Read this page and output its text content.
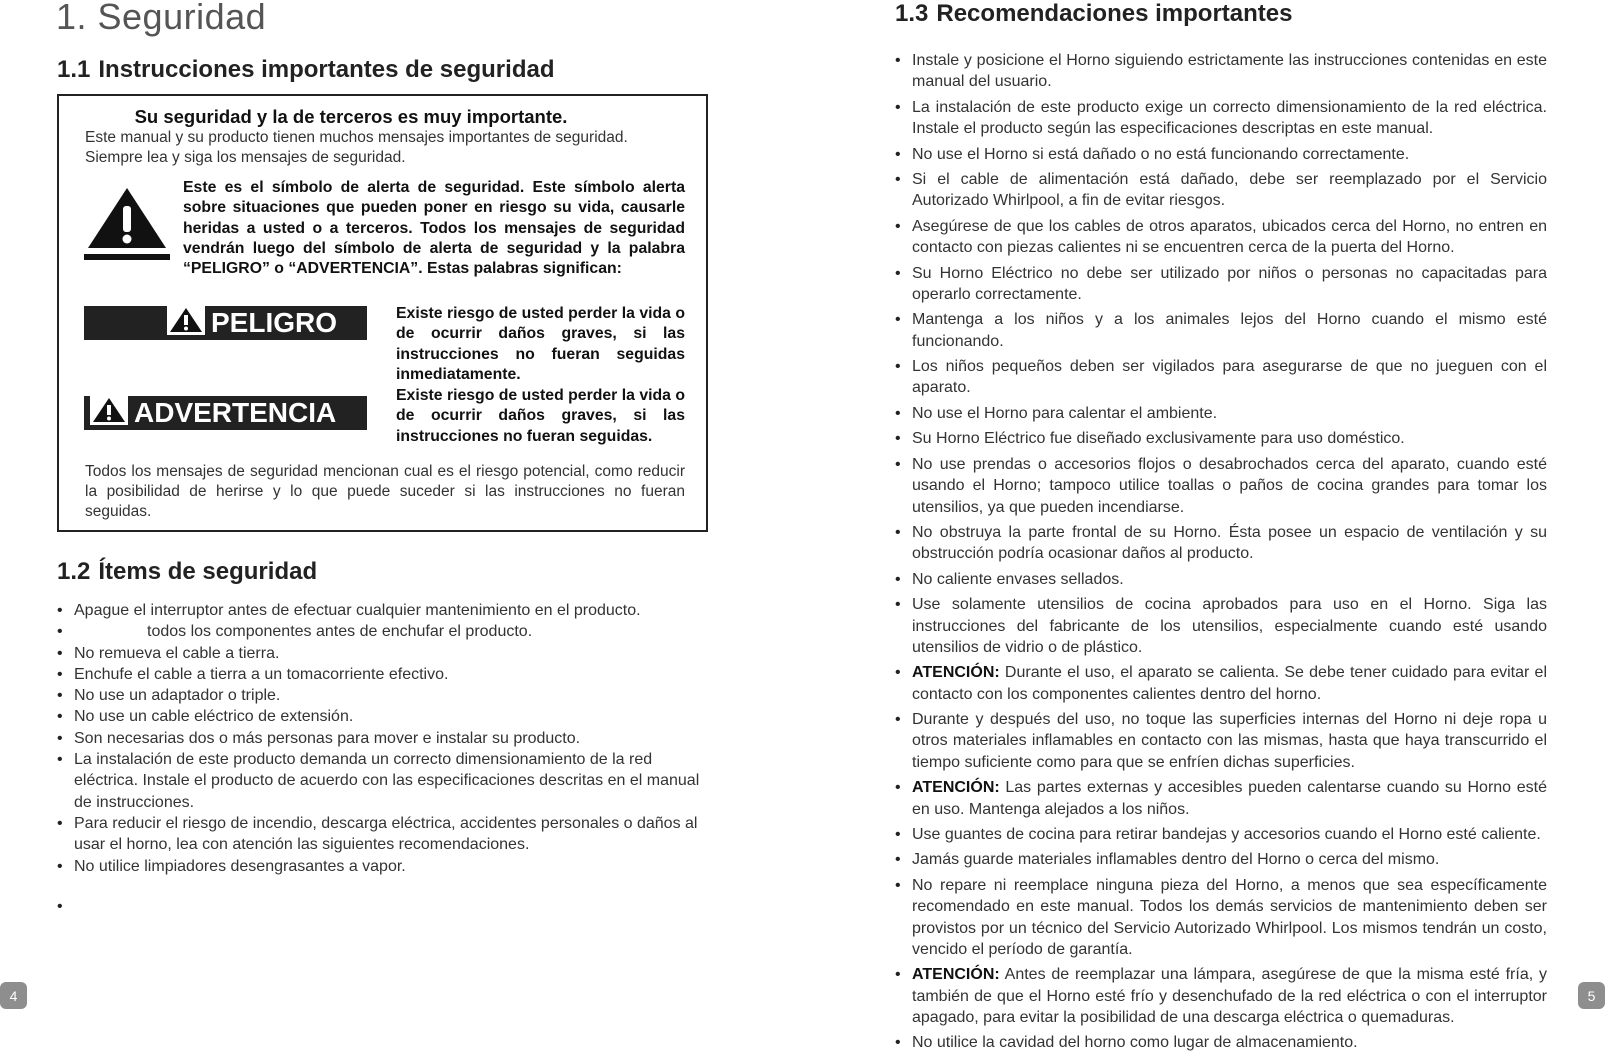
1. Seguridad
1.1 Instrucciones importantes de seguridad
Su seguridad y la de terceros es muy importante.
Este manual y su producto tienen muchos mensajes importantes de seguridad.
Siempre lea y siga los mensajes de seguridad.
Este es el símbolo de alerta de seguridad. Este símbolo alerta sobre situaciones que pueden poner en riesgo su vida, causarle heridas a usted o a terceros. Todos los mensajes de seguridad vendrán luego del símbolo de alerta de seguridad y la palabra “PELIGRO” o “ADVERTENCIA”. Estas palabras significan:
PELIGRO	Existe riesgo de usted perder la vida o de ocurrir daños graves, si las instrucciones no fueran seguidas inmediatamente.
ADVERTENCIA
Existe riesgo de usted perder la vida o de ocurrir daños graves, si las instrucciones no fueran seguidas.
Todos los mensajes de seguridad mencionan cual es el riesgo potencial, como reducir la posibilidad de herirse y lo que puede suceder si las instrucciones no fueran seguidas.
1.2 Ítems de seguridad
• Apague el interruptor antes de efectuar cualquier mantenimiento en el producto.
• todos los componentes antes de enchufar el producto.
• No remueva el cable a tierra.
• Enchufe el cable a tierra a un tomacorriente efectivo.
• No use un adaptador o triple.
• No use un cable eléctrico de extensión.
• Son necesarias dos o más personas para mover e instalar su producto.
• La instalación de este producto demanda un correcto dimensionamiento de la red eléctrica. Instale el producto de acuerdo con las especificaciones descritas en el manual de instrucciones.
• Para reducir el riesgo de incendio, descarga eléctrica, accidentes personales o daños al usar el horno, lea con atención las siguientes recomendaciones.
• No utilice limpiadores desengrasantes a vapor.
•
4
1.3 Recomendaciones importantes
• Instale y posicione el Horno siguiendo estrictamente las instrucciones contenidas en este manual del usuario.
• La instalación de este producto exige un correcto dimensionamiento de la red eléctrica. Instale el producto según las especificaciones descriptas en este manual.
• No use el Horno si está dañado o no está funcionando correctamente.
• Si el cable de alimentación está dañado, debe ser reemplazado por el Servicio Autorizado Whirlpool, a fin de evitar riesgos.
• Asegúrese de que los cables de otros aparatos, ubicados cerca del Horno, no entren en contacto con piezas calientes ni se encuentren cerca de la puerta del Horno.
• Su Horno Eléctrico no debe ser utilizado por niños o personas no capacitadas para operarlo correctamente.
• Mantenga a los niños y a los animales lejos del Horno cuando el mismo esté funcionando.
• Los niños pequeños deben ser vigilados para asegurarse de que no jueguen con el aparato.
• No use el Horno para calentar el ambiente.
• Su Horno Eléctrico fue diseñado exclusivamente para uso doméstico.
• No use prendas o accesorios flojos o desabrochados cerca del aparato, cuando esté usando el Horno; tampoco utilice toallas o paños de cocina grandes para tomar los utensilios, ya que pueden incendiarse.
• No obstruya la parte frontal de su Horno. Ésta posee un espacio de ventilación y su obstrucción podría ocasionar daños al producto.
• No caliente envases sellados.
• Use solamente utensilios de cocina aprobados para uso en el Horno. Siga las instrucciones del fabricante de los utensilios, especialmente cuando esté usando utensilios de vidrio o de plástico.
• ATENCIÓN: Durante el uso, el aparato se calienta. Se debe tener cuidado para evitar el contacto con los componentes calientes dentro del horno.
• Durante y después del uso, no toque las superficies internas del Horno ni deje ropa u otros materiales inflamables en contacto con las mismas, hasta que haya transcurrido el tiempo suficiente como para que se enfríen dichas superficies.
• ATENCIÓN: Las partes externas y accesibles pueden calentarse cuando su Horno esté en uso. Mantenga alejados a los niños.
• Use guantes de cocina para retirar bandejas y accesorios cuando el Horno esté caliente.
• Jamás guarde materiales inflamables dentro del Horno o cerca del mismo.
• No repare ni reemplace ninguna pieza del Horno, a menos que sea específicamente recomendado en este manual. Todos los demás servicios de mantenimiento deben ser provistos por un técnico del Servicio Autorizado Whirlpool. Los mismos tendrán un costo, vencido el período de garantía.
• ATENCIÓN: Antes de reemplazar una lámpara, asegúrese de que la misma esté fría, y también de que el Horno esté frío y desenchufado de la red eléctrica o con el interruptor apagado, para evitar la posibilidad de una descarga eléctrica o quemaduras.
• No utilice la cavidad del horno como lugar de almacenamiento.
5
